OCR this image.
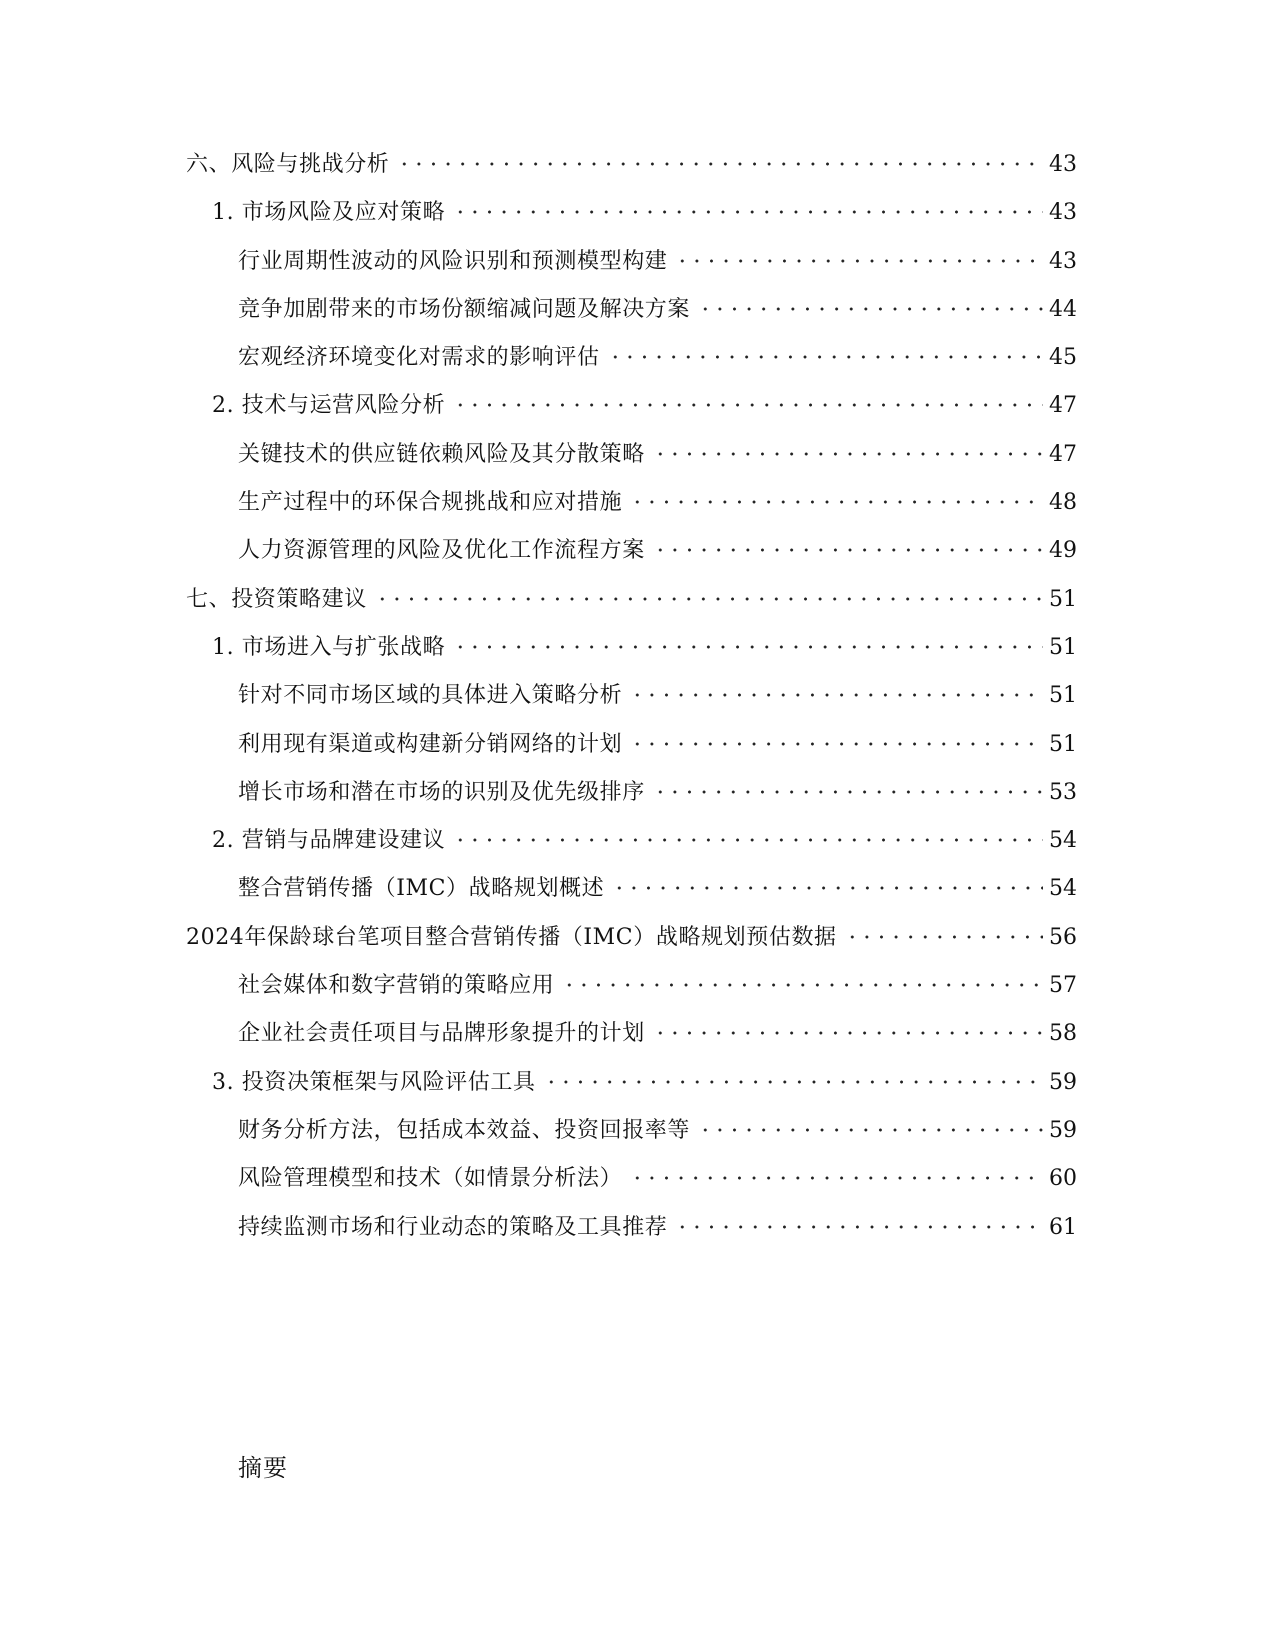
六、风险与挑战分析	43
1. 市场风险及应对策略	43
行业周期性波动的风险识别和预测模型构建	43
竞争加剧带来的市场份额缩减问题及解决方案	44
宏观经济环境变化对需求的影响评估	45
2. 技术与运营风险分析	47
关键技术的供应链依赖风险及其分散策略	47
生产过程中的环保合规挑战和应对措施	48
人力资源管理的风险及优化工作流程方案	49
七、投资策略建议	51
1. 市场进入与扩张战略	51
针对不同市场区域的具体进入策略分析	51
利用现有渠道或构建新分销网络的计划	51
增长市场和潜在市场的识别及优先级排序	53
2. 营销与品牌建设建议	54
整合营销传播（IMC）战略规划概述	54
2024年保龄球台笔项目整合营销传播（IMC）战略规划预估数据	56
社会媒体和数字营销的策略应用	57
企业社会责任项目与品牌形象提升的计划	58
3. 投资决策框架与风险评估工具	59
财务分析方法，包括成本效益、投资回报率等	59
风险管理模型和技术（如情景分析法）	60
持续监测市场和行业动态的策略及工具推荐	61
摘要
